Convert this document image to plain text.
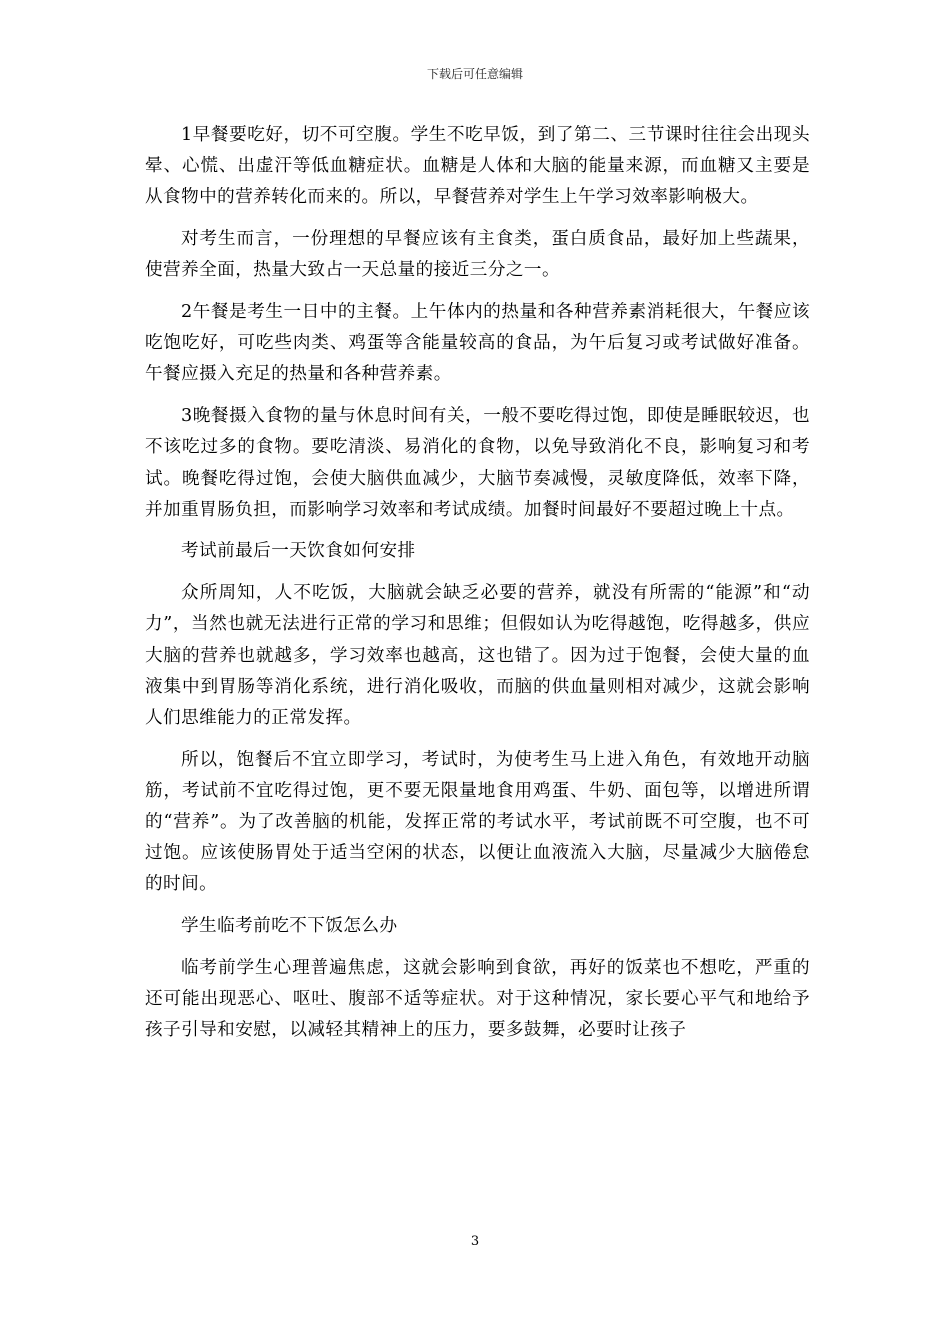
下载后可任意编辑

1早餐要吃好，切不可空腹。学生不吃早饭，到了第二、三节课时往往会出现头晕、心慌、出虚汗等低血糖症状。血糖是人体和大脑的能量来源，而血糖又主要是从食物中的营养转化而来的。所以，早餐营养对学生上午学习效率影响极大。

对考生而言，一份理想的早餐应该有主食类，蛋白质食品，最好加上些蔬果，使营养全面，热量大致占一天总量的接近三分之一。

2午餐是考生一日中的主餐。上午体内的热量和各种营养素消耗很大，午餐应该吃饱吃好，可吃些肉类、鸡蛋等含能量较高的食品，为午后复习或考试做好准备。午餐应摄入充足的热量和各种营养素。

3晚餐摄入食物的量与休息时间有关，一般不要吃得过饱，即使是睡眠较迟，也不该吃过多的食物。要吃清淡、易消化的食物，以免导致消化不良，影响复习和考试。晚餐吃得过饱，会使大脑供血减少，大脑节奏减慢，灵敏度降低，效率下降，并加重胃肠负担，而影响学习效率和考试成绩。加餐时间最好不要超过晚上十点。

考试前最后一天饮食如何安排

众所周知，人不吃饭，大脑就会缺乏必要的营养，就没有所需的“能源”和“动力”，当然也就无法进行正常的学习和思维；但假如认为吃得越饱，吃得越多，供应大脑的营养也就越多，学习效率也越高，这也错了。因为过于饱餐，会使大量的血液集中到胃肠等消化系统，进行消化吸收，而脑的供血量则相对减少，这就会影响人们思维能力的正常发挥。

所以，饱餐后不宜立即学习，考试时，为使考生马上进入角色，有效地开动脑筋，考试前不宜吃得过饱，更不要无限量地食用鸡蛋、牛奶、面包等，以增进所谓的“营养”。为了改善脑的机能，发挥正常的考试水平，考试前既不可空腹，也不可过饱。应该使肠胃处于适当空闲的状态，以便让血液流入大脑，尽量减少大脑倦怠的时间。

学生临考前吃不下饭怎么办

临考前学生心理普遍焦虑，这就会影响到食欲，再好的饭菜也不想吃，严重的还可能出现恶心、呕吐、腹部不适等症状。对于这种情况，家长要心平气和地给予孩子引导和安慰，以减轻其精神上的压力，要多鼓舞，必要时让孩子

3
